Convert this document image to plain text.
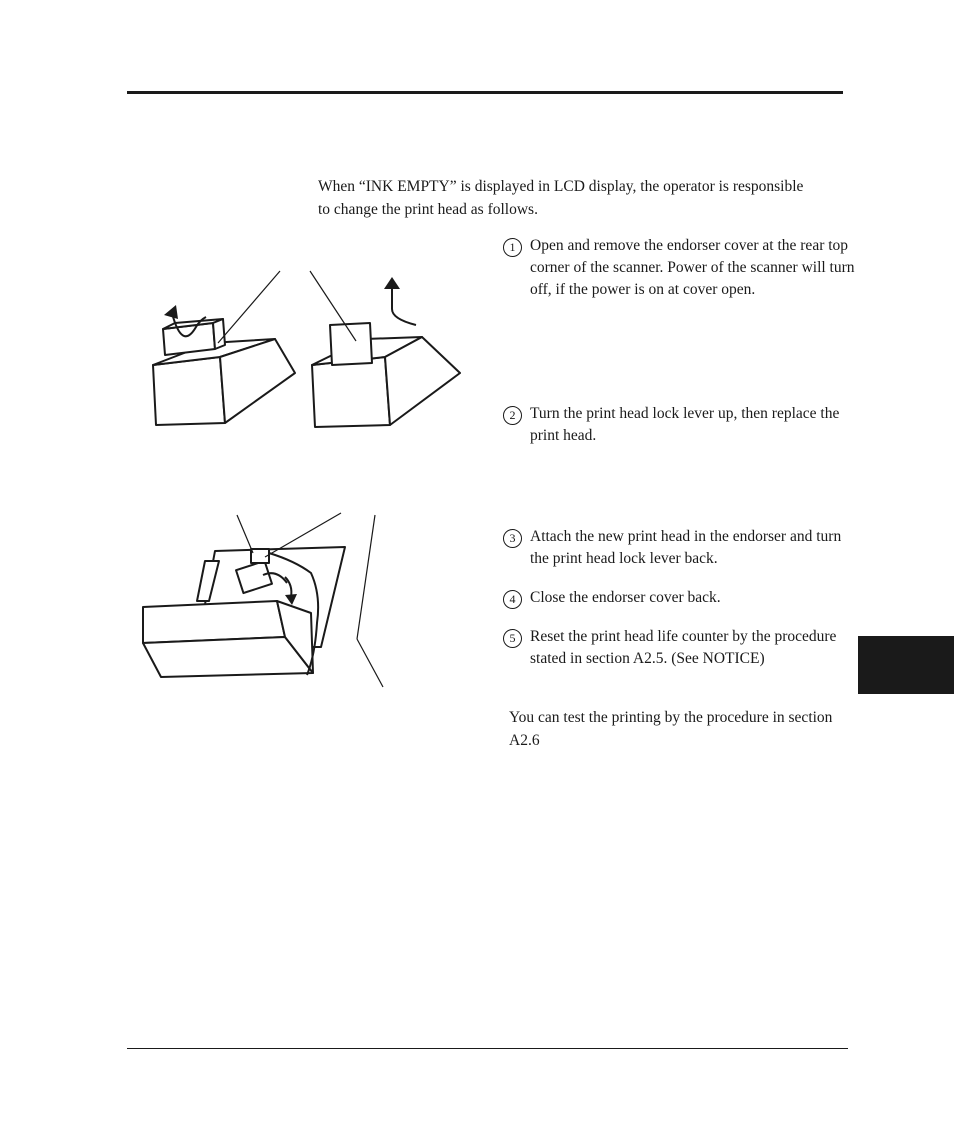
When “INK EMPTY” is displayed in LCD display, the operator is responsible to change the print head as follows.

1 Open and remove the endorser cover at the rear top corner of the scanner. Power of the scanner will turn off, if the power is on at cover open.
2 Turn the print head lock lever up, then replace the print head.
3 Attach the new print head in the endorser and turn the print head lock lever back.
4 Close the endorser cover back.
5 Reset the print head life counter by the procedure stated in section A2.5. (See NOTICE)

You can test the printing by the procedure in section A2.6
